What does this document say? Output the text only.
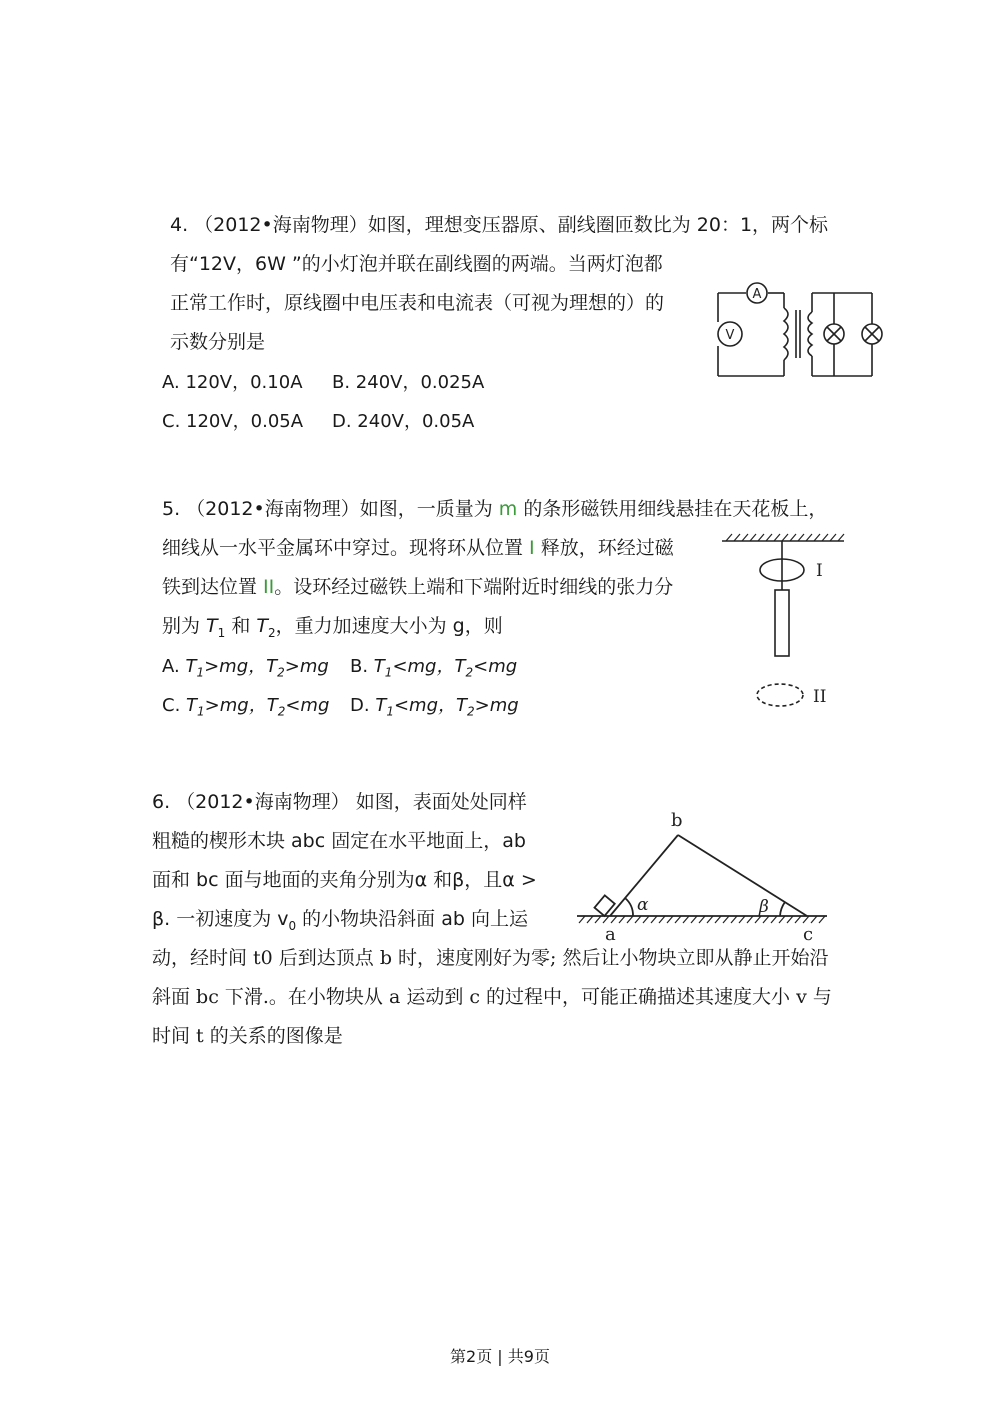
4. （2012•海南物理）如图，理想变压器原、副线圈匝数比为 20：1，两个标
有“12V，6W ”的小灯泡并联在副线圈的两端。当两灯泡都
正常工作时，原线圈中电压表和电流表（可视为理想的）的
示数分别是
A. 120V，0.10A B. 240V，0.025A
C. 120V，0.05A D. 240V，0.05A
A
V
5. （2012•海南物理）如图，一质量为 m 的条形磁铁用细线悬挂在天花板上，
细线从一水平金属环中穿过。现将环从位置 I 释放，环经过磁
铁到达位置 II。设环经过磁铁上端和下端附近时细线的张力分
别为 $T_1$ 和 $T_2$，重力加速度大小为 g，则
A. $T_1>mg$，$T_2>mg$ B. $T_1<mg$，$T_2<mg$
C. $T_1>mg$，$T_2<mg$ D. $T_1<mg$，$T_2>mg$
I
II
6. （2012•海南物理） 如图，表面处处同样
粗糙的楔形木块 abc 固定在水平地面上，ab
面和 bc 面与地面的夹角分别为α 和β，且α >
β. 一初速度为 $v_0$ 的小物块沿斜面 ab 向上运
动，经时间 t0 后到达顶点 b 时，速度刚好为零; 然后让小物块立即从静止开始沿
斜面 bc 下滑.。在小物块从 a 运动到 c 的过程中，可能正确描述其速度大小 v 与
时间 t 的关系的图像是
b
a	c
α	β
第2页 | 共9页
